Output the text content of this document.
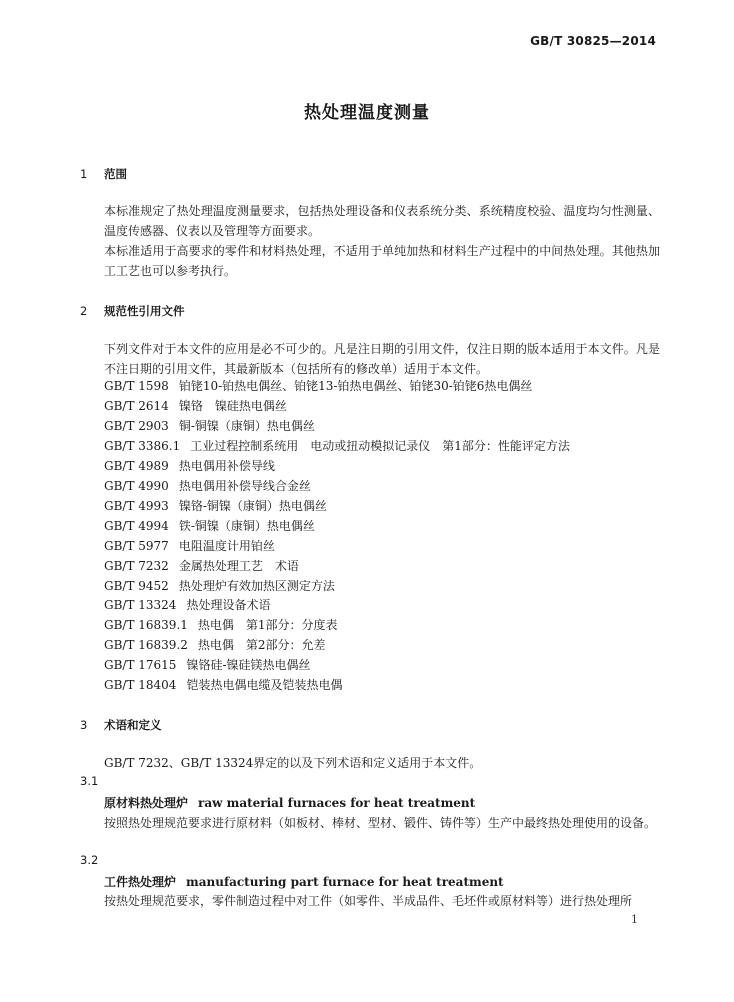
GB/T 30825—2014
热处理温度测量
1 范围
本标准规定了热处理温度测量要求，包括热处理设备和仪表系统分类、系统精度校验、温度均匀性测量、温度传感器、仪表以及管理等方面要求。
本标准适用于高要求的零件和材料热处理，不适用于单纯加热和材料生产过程中的中间热处理。其他热加工工艺也可以参考执行。
2 规范性引用文件
下列文件对于本文件的应用是必不可少的。凡是注日期的引用文件，仅注日期的版本适用于本文件。凡是不注日期的引用文件，其最新版本（包括所有的修改单）适用于本文件。
GB/T 1598 铂铑10-铂热电偶丝、铂铑13-铂热电偶丝、铂铑30-铂铑6热电偶丝
GB/T 2614 镍铬　镍硅热电偶丝
GB/T 2903 铜-铜镍（康铜）热电偶丝
GB/T 3386.1 工业过程控制系统用　电动或扭动模拟记录仪　第1部分：性能评定方法
GB/T 4989 热电偶用补偿导线
GB/T 4990 热电偶用补偿导线合金丝
GB/T 4993 镍铬-铜镍（康铜）热电偶丝
GB/T 4994 铁-铜镍（康铜）热电偶丝
GB/T 5977 电阻温度计用铂丝
GB/T 7232 金属热处理工艺　术语
GB/T 9452 热处理炉有效加热区测定方法
GB/T 13324 热处理设备术语
GB/T 16839.1 热电偶　第1部分：分度表
GB/T 16839.2 热电偶　第2部分：允差
GB/T 17615 镍铬硅-镍硅镁热电偶丝
GB/T 18404 铠装热电偶电缆及铠装热电偶
3 术语和定义
GB/T 7232、GB/T 13324界定的以及下列术语和定义适用于本文件。
3.1
原材料热处理炉 raw material furnaces for heat treatment
按照热处理规范要求进行原材料（如板材、棒材、型材、锻件、铸件等）生产中最终热处理使用的设备。
3.2
工件热处理炉 manufacturing part furnace for heat treatment
按热处理规范要求，零件制造过程中对工件（如零件、半成品件、毛坯件或原材料等）进行热处理所
1
